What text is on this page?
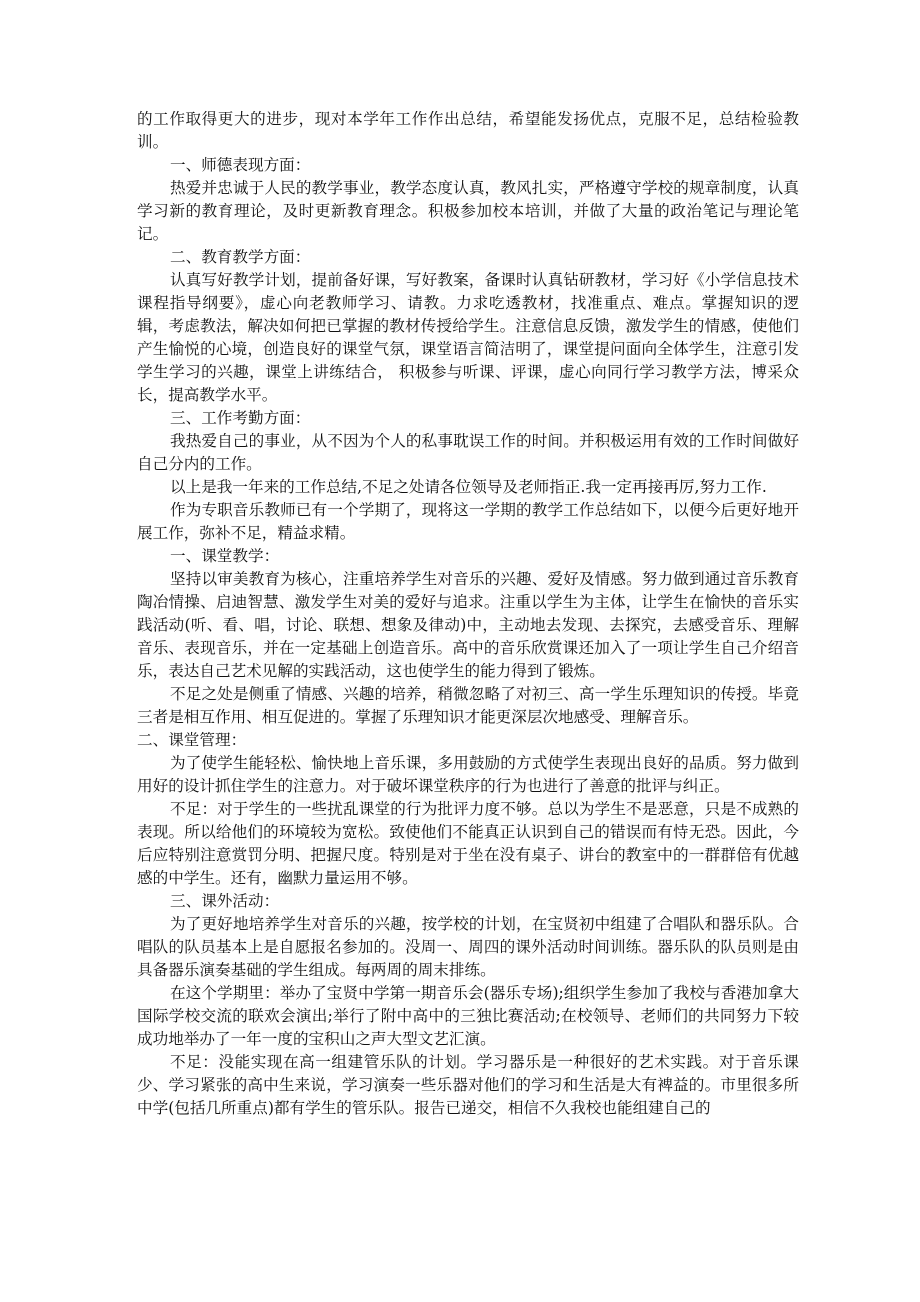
的工作取得更大的进步，现对本学年工作作出总结，希望能发扬优点，克服不足，总结检验教训。

一、师德表现方面：

热爱并忠诚于人民的教学事业，教学态度认真，教风扎实，严格遵守学校的规章制度，认真学习新的教育理论，及时更新教育理念。积极参加校本培训，并做了大量的政治笔记与理论笔记。

二、教育教学方面：

认真写好教学计划，提前备好课，写好教案，备课时认真钻研教材，学习好《小学信息技术课程指导纲要》，虚心向老教师学习、请教。力求吃透教材，找准重点、难点。掌握知识的逻辑，考虑教法，解决如何把已掌握的教材传授给学生。注意信息反馈，激发学生的情感，使他们产生愉悦的心境，创造良好的课堂气氛，课堂语言简洁明了，课堂提问面向全体学生，注意引发学生学习的兴趣，课堂上讲练结合， 积极参与听课、评课，虚心向同行学习教学方法，博采众长，提高教学水平。

三、工作考勤方面：

我热爱自己的事业，从不因为个人的私事耽误工作的时间。并积极运用有效的工作时间做好自己分内的工作。

以上是我一年来的工作总结,不足之处请各位领导及老师指正.我一定再接再厉,努力工作.

作为专职音乐教师已有一个学期了，现将这一学期的教学工作总结如下，以便今后更好地开展工作，弥补不足，精益求精。

一、课堂教学：

坚持以审美教育为核心，注重培养学生对音乐的兴趣、爱好及情感。努力做到通过音乐教育陶冶情操、启迪智慧、激发学生对美的爱好与追求。注重以学生为主体，让学生在愉快的音乐实践活动(听、看、唱，讨论、联想、想象及律动)中，主动地去发现、去探究，去感受音乐、理解音乐、表现音乐，并在一定基础上创造音乐。高中的音乐欣赏课还加入了一项让学生自己介绍音乐，表达自己艺术见解的实践活动，这也使学生的能力得到了锻炼。

不足之处是侧重了情感、兴趣的培养，稍微忽略了对初三、高一学生乐理知识的传授。毕竟三者是相互作用、相互促进的。掌握了乐理知识才能更深层次地感受、理解音乐。

二、课堂管理：

为了使学生能轻松、愉快地上音乐课，多用鼓励的方式使学生表现出良好的品质。努力做到用好的设计抓住学生的注意力。对于破坏课堂秩序的行为也进行了善意的批评与纠正。

不足：对于学生的一些扰乱课堂的行为批评力度不够。总以为学生不是恶意，只是不成熟的表现。所以给他们的环境较为宽松。致使他们不能真正认识到自己的错误而有恃无恐。因此，今后应特别注意赏罚分明、把握尺度。特别是对于坐在没有桌子、讲台的教室中的一群群倍有优越感的中学生。还有，幽默力量运用不够。

三、课外活动：

为了更好地培养学生对音乐的兴趣，按学校的计划，在宝贤初中组建了合唱队和器乐队。合唱队的队员基本上是自愿报名参加的。没周一、周四的课外活动时间训练。器乐队的队员则是由具备器乐演奏基础的学生组成。每两周的周末排练。

在这个学期里：举办了宝贤中学第一期音乐会(器乐专场);组织学生参加了我校与香港加拿大国际学校交流的联欢会演出;举行了附中高中的三独比赛活动;在校领导、老师们的共同努力下较成功地举办了一年一度的宝积山之声大型文艺汇演。

不足：没能实现在高一组建管乐队的计划。学习器乐是一种很好的艺术实践。对于音乐课少、学习紧张的高中生来说，学习演奏一些乐器对他们的学习和生活是大有裨益的。市里很多所中学(包括几所重点)都有学生的管乐队。报告已递交，相信不久我校也能组建自己的
